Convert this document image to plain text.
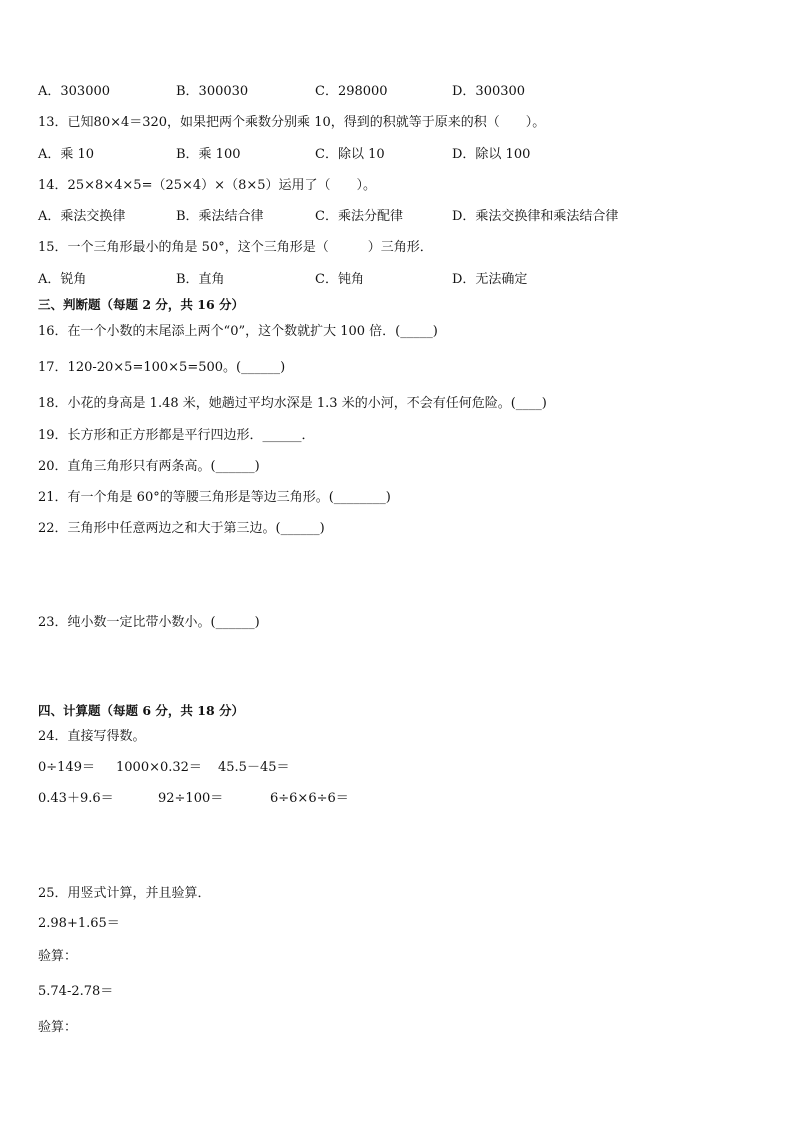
A．303000	B．300030	C．298000	D．300300
13．已知80×4＝320，如果把两个乘数分别乘 10，得到的积就等于原来的积（　　）。
A．乘 10	B．乘 100	C．除以 10	D．除以 100
14．25×8×4×5=（25×4）×（8×5）运用了（　　）。
A．乘法交换律	B．乘法结合律	C．乘法分配律	D．乘法交换律和乘法结合律
15．一个三角形最小的角是 50°，这个三角形是（　　　）三角形．
A．锐角	B．直角	C．钝角	D．无法确定
三、判断题（每题 2 分，共 16 分）
16．在一个小数的末尾添上两个“0”，这个数就扩大 100 倍．(_____)
17．120-20×5=100×5=500。(______)
18．小花的身高是 1.48 米，她趟过平均水深是 1.3 米的小河，不会有任何危险。(____)
19．长方形和正方形都是平行四边形．______．
20．直角三角形只有两条高。(______)
21．有一个角是 60°的等腰三角形是等边三角形。(________)
22．三角形中任意两边之和大于第三边。(______)
23．纯小数一定比带小数小。(______)
四、计算题（每题 6 分，共 18 分）
24．直接写得数。
0÷149＝ 1000×0.32＝ 45.5－45＝
0.43＋9.6＝	92÷100＝	6÷6×6÷6＝
25．用竖式计算，并且验算．
2.98+1.65＝
验算：
5.74-2.78＝
验算：
